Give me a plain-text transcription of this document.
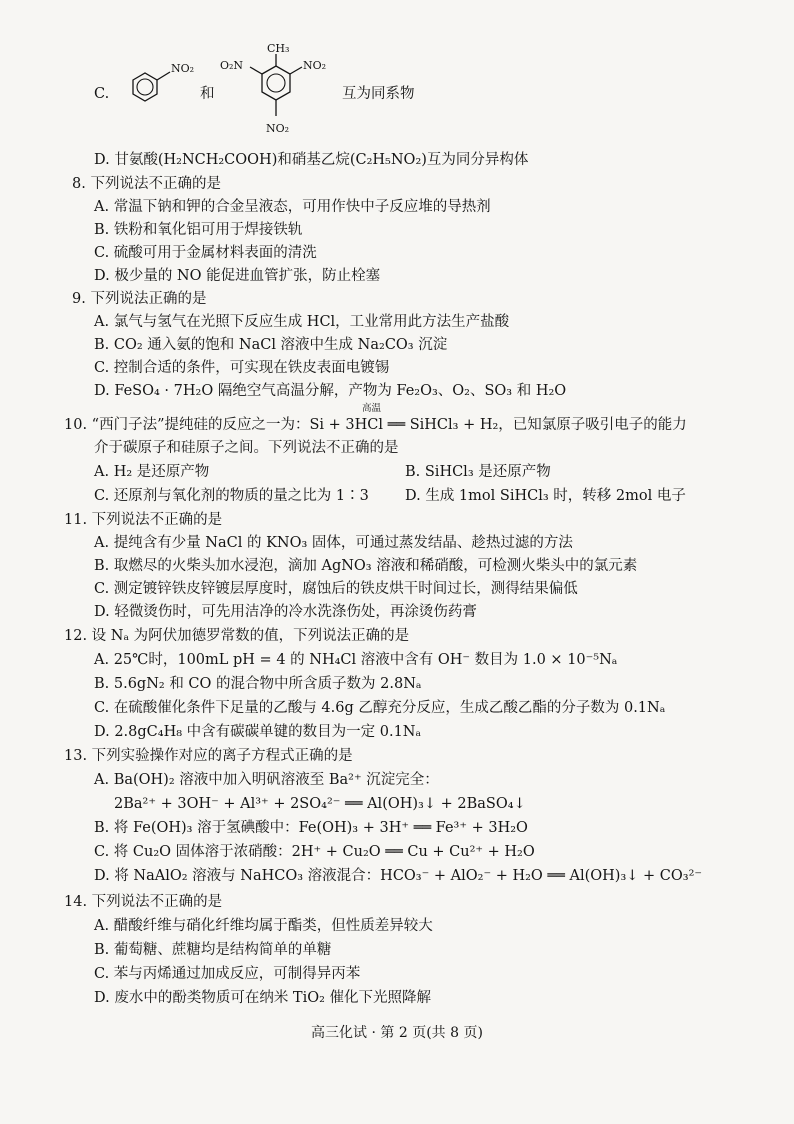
C.
NO₂
和
CH₃
O₂N	NO₂
NO₂
互为同系物
D. 甘氨酸(H₂NCH₂COOH)和硝基乙烷(C₂H₅NO₂)互为同分异构体
8. 下列说法不正确的是
A. 常温下钠和钾的合金呈液态，可用作快中子反应堆的导热剂
B. 铁粉和氧化铝可用于焊接铁轨
C. 硫酸可用于金属材料表面的清洗
D. 极少量的 NO 能促进血管扩张，防止栓塞
9. 下列说法正确的是
A. 氯气与氢气在光照下反应生成 HCl，工业常用此方法生产盐酸
B. CO₂ 通入氨的饱和 NaCl 溶液中生成 Na₂CO₃ 沉淀
C. 控制合适的条件，可实现在铁皮表面电镀锡
D. FeSO₄ · 7H₂O 隔绝空气高温分解，产物为 Fe₂O₃、O₂、SO₃ 和 H₂O
高温
10. “西门子法”提纯硅的反应之一为：Si + 3HCl ══ SiHCl₃ + H₂，已知氯原子吸引电子的能力
介于碳原子和硅原子之间。下列说法不正确的是
A. H₂ 是还原产物	B. SiHCl₃ 是还原产物
C. 还原剂与氧化剂的物质的量之比为 1∶3 D. 生成 1mol SiHCl₃ 时，转移 2mol 电子
11. 下列说法不正确的是
A. 提纯含有少量 NaCl 的 KNO₃ 固体，可通过蒸发结晶、趁热过滤的方法
B. 取燃尽的火柴头加水浸泡，滴加 AgNO₃ 溶液和稀硝酸，可检测火柴头中的氯元素
C. 测定镀锌铁皮锌镀层厚度时，腐蚀后的铁皮烘干时间过长，测得结果偏低
D. 轻微烫伤时，可先用洁净的冷水洗涤伤处，再涂烫伤药膏
12. 设 Nₐ 为阿伏加德罗常数的值，下列说法正确的是
A. 25℃时，100mL pH = 4 的 NH₄Cl 溶液中含有 OH⁻ 数目为 1.0 × 10⁻⁵Nₐ
B. 5.6gN₂ 和 CO 的混合物中所含质子数为 2.8Nₐ
C. 在硫酸催化条件下足量的乙酸与 4.6g 乙醇充分反应，生成乙酸乙酯的分子数为 0.1Nₐ
D. 2.8gC₄H₈ 中含有碳碳单键的数目为一定 0.1Nₐ
13. 下列实验操作对应的离子方程式正确的是
A. Ba(OH)₂ 溶液中加入明矾溶液至 Ba²⁺ 沉淀完全：
2Ba²⁺ + 3OH⁻ + Al³⁺ + 2SO₄²⁻ ══ Al(OH)₃↓ + 2BaSO₄↓
B. 将 Fe(OH)₃ 溶于氢碘酸中：Fe(OH)₃ + 3H⁺ ══ Fe³⁺ + 3H₂O
C. 将 Cu₂O 固体溶于浓硝酸：2H⁺ + Cu₂O ══ Cu + Cu²⁺ + H₂O
D. 将 NaAlO₂ 溶液与 NaHCO₃ 溶液混合：HCO₃⁻ + AlO₂⁻ + H₂O ══ Al(OH)₃↓ + CO₃²⁻
14. 下列说法不正确的是
A. 醋酸纤维与硝化纤维均属于酯类，但性质差异较大
B. 葡萄糖、蔗糖均是结构简单的单糖
C. 苯与丙烯通过加成反应，可制得异丙苯
D. 废水中的酚类物质可在纳米 TiO₂ 催化下光照降解
高三化试 · 第 2 页(共 8 页)
